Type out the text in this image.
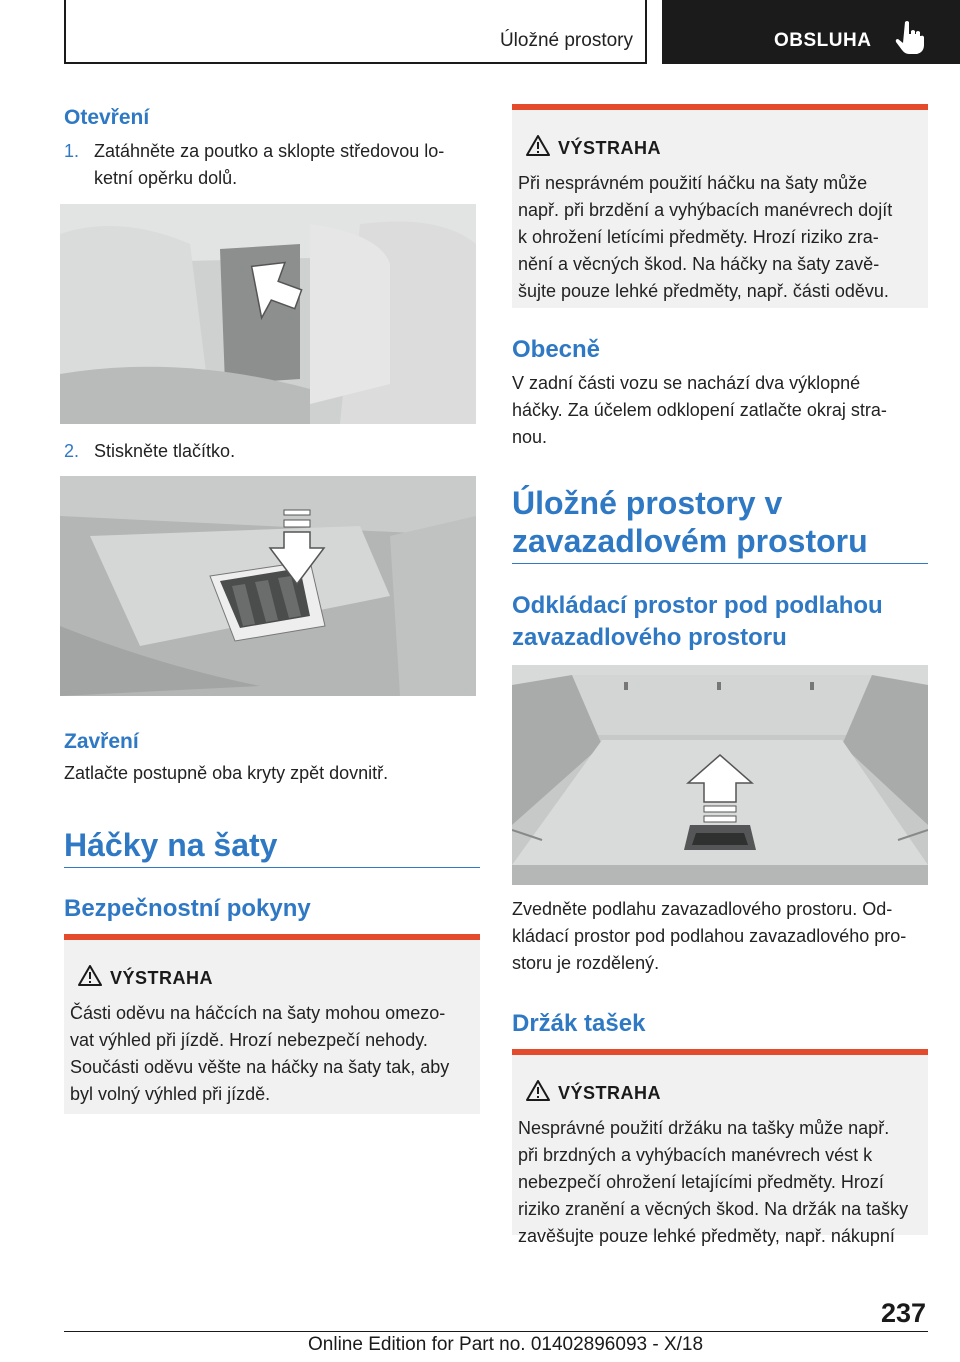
Úložné prostory	OBSLUHA
Otevření
1. Zatáhněte za poutko a sklopte středovou lo-
ketní opěrku dolů.
2. Stiskněte tlačítko.
Zavření
Zatlačte postupně oba kryty zpět dovnitř.
Háčky na šaty
Bezpečnostní pokyny
VÝSTRAHA
Části oděvu na háčcích na šaty mohou omezo-
vat výhled při jízdě. Hrozí nebezpečí nehody.
Součásti oděvu věšte na háčky na šaty tak, aby
byl volný výhled při jízdě.
VÝSTRAHA
Při nesprávném použití háčku na šaty může
např. při brzdění a vyhýbacích manévrech dojít
k ohrožení letícími předměty. Hrozí riziko zra-
nění a věcných škod. Na háčky na šaty zavě-
šujte pouze lehké předměty, např. části oděvu.
Obecně
V zadní části vozu se nachází dva výklopné
háčky. Za účelem odklopení zatlačte okraj stra-
nou.
Úložné prostory v
zavazadlovém prostoru
Odkládací prostor pod podlahou
zavazadlového prostoru
Zvedněte podlahu zavazadlového prostoru. Od-
kládací prostor pod podlahou zavazadlového pro-
storu je rozdělený.
Držák tašek
VÝSTRAHA
Nesprávné použití držáku na tašky může např.
při brzdných a vyhýbacích manévrech vést k
nebezpečí ohrožení letajícími předměty. Hrozí
riziko zranění a věcných škod. Na držák na tašky
zavěšujte pouze lehké předměty, např. nákupní
237
Online Edition for Part no. 01402896093 - X/18
